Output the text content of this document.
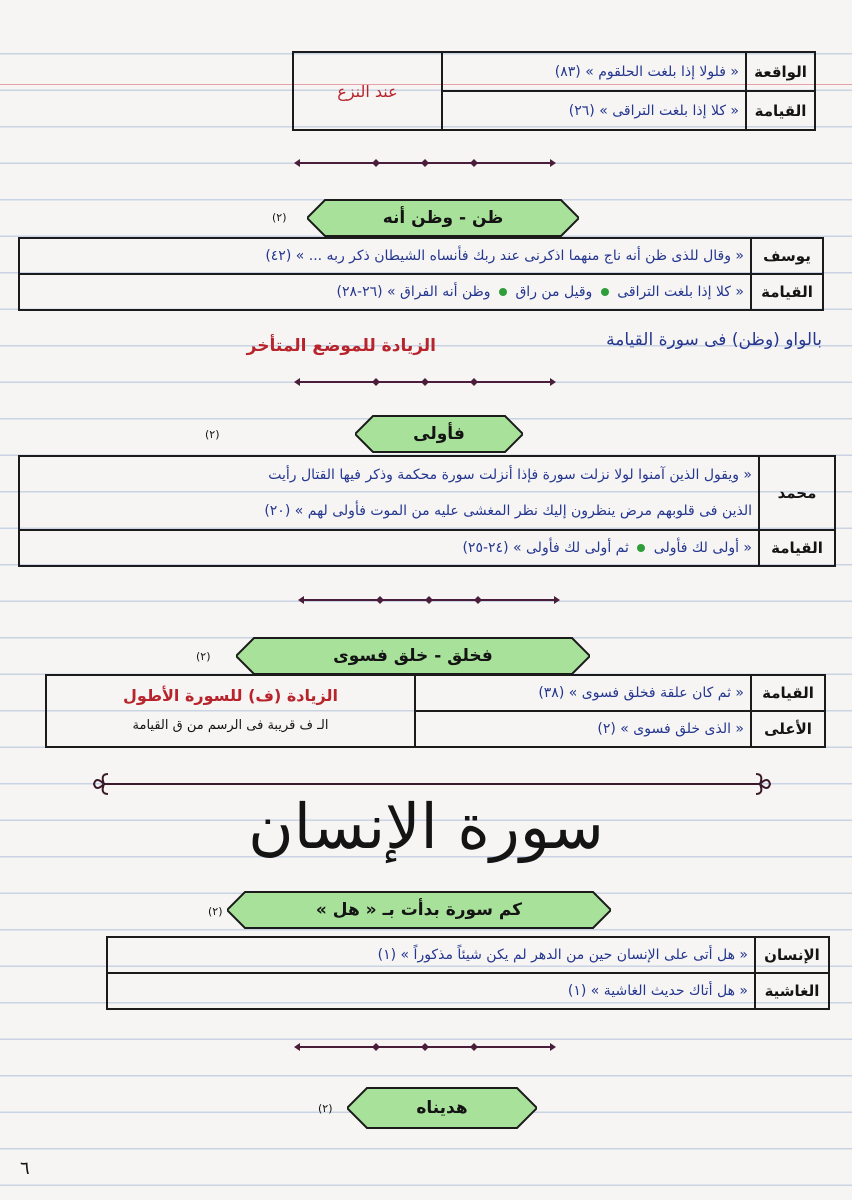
الواقعة	« فلولا إذا بلغت الحلقوم » (٨٣)	عند النزع
القيامة	« كلا إذا بلغت التراقى » (٢٦)	
ظن - وظن أنه
(٢)
يوسف	« وقال للذى ظن أنه ناج منهما اذكرنى عند ربك فأنساه الشيطان ذكر ربه ... » (٤٢)
القيامة	« كلا إذا بلغت التراقى  وقيل من راق  وظن أنه الفراق » (٢٦-٢٨)
بالواو (وظن) فى سورة القيامة
الزيادة للموضع المتأخر
فأولى
(٢)
محمد	« ويقول الذين آمنوا لولا نزلت سورة فإذا أنزلت سورة محكمة وذكر فيها القتال رأيت
الذين فى قلوبهم مرض ينظرون إليك نظر المغشى عليه من الموت فأولى لهم » (٢٠)

القيامة	« أولى لك فأولى  ثم أولى لك فأولى » (٢٤-٢٥)
فخلق - خلق فسوى
(٢)
القيامة	« ثم كان علقة فخلق فسوى » (٣٨)	الزيادة (ف) للسورة الأطول
الـ ف قريبة فى الرسم من ق القيامة

الأعلى	« الذى خلق فسوى » (٢)	
سورة الإنسان
كم سورة بدأت بـ « هل »
(٢)
الإنسان	« هل أتى على الإنسان حين من الدهر لم يكن شيئاً مذكوراً » (١)
الغاشية	« هل أتاك حديث الغاشية » (١)
هديناه
(٢)
٦
